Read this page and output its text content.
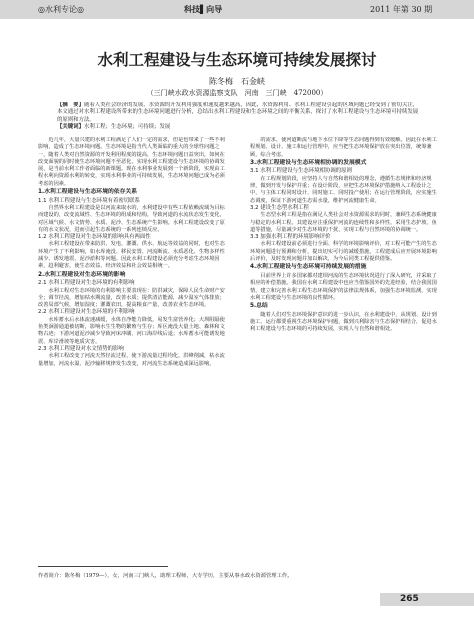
◎水利专论◎	科技▌向导	2011 年第 30 期
水利工程建设与生态环境可持续发展探讨
陈冬梅　石金峡
（三门峡水政水资源监察支队　河南　三门峡　472000）
【摘　要】随着人类社会经济的发展，水资源的开发利用强度和速度越来越高，因此，水资源利用、水利工程建设引起的区域问题已经受到了密切关注，本文通过对水利工程建设所带来的生态环境问题进行分析，总结出水利工程建设和生态环境之间的平衡关系，探讨了水利工程建设与生态环境可持续发展的原则和方法。
【关键词】水利工程；生态环境；可持续；发展

近几年，大量兴建的水利工程满足了人们一定的需求，但是也带来了一些不利影响，造成了生态环境问题。生态环境是指当代人类面临的重大的全球性问题之一，随着人类对自然资源的开发利用程度的提高，生态环境问题日益突出，如何在改变面貌的同时使生态环境问题不至恶化，实现水利工程建设与生态环境的协调发展，是当前水利工作者面临的新课题。现在水利事业发展到一个新阶段，实现由工程水利向资源水利的转变，实现水利事业的可持续发展，生态环境问题已成为必须考虑的因素。

1.水利工程建设与生态环境的依存关系
1.1 水利工程建设与生态环境有着密切联系

自然界水利工程建设是以河流来取水的，水利建设中有些工程依赖流域为目标而建设的，改变流域性、生态环境的组成和结构，导致河道的水流状态发生变化，对区域气候、水文情势、水质、泥沙、生态系统产生影响。水利工程建设改变了原有的水文状况，进而引起生态系统的一系列连锁反应。

1.2 水利工程建设对生态环境的影响具有两面性

水利工程建设在带来防洪、发电、灌溉、供水、航运等效益的同时，也对生态环境产生了不利影响，如水库淹没、移民安置、河流断流、水质恶化、生物多样性减少、诱发地震、泥沙淤积等问题。因此水利工程建设必须充分考虑生态环境因素，趋利避害，使生态效益、经济效益和社会效益相统一。

2.水利工程建设对生态环境的影响
2.1 水利工程建设对生态环境的有利影响

水利工程对生态环境的有利影响主要表现在：防洪减灾，保障人民生命财产安全；调节径流，增加枯水期流量，改善水质；提供清洁能源，减少温室气体排放；改善局部气候，增加湿度；灌溉农田，提高粮食产量，改善农业生态环境。

2.2 水利工程建设对生态环境的不利影响

水库蓄水后水体流速减缓，水体自净能力降低，易发生富营养化；大坝阻隔使鱼类洄游通道被切断，影响水生生物的繁殖与生存；库区淹没大量土地、森林和文物古迹；下游河道泥沙减少导致河床冲刷、河口海岸线后退；水库蓄水可能诱发地震、库岸滑坡等地质灾害。

2.3 水利工程建设对水文情势的影响

水利工程改变了河流天然径流过程，使下游流量过程均化，洪峰削减，枯水流量增加，河流水温、泥沙输移规律发生改变，对河流生态系统造成深远影响。

的需求，使河道断流与地下水位下降等生态问题得到有效缓解。因此在水利工程规划、设计、施工和运行管理中，应当把生态环境保护放在突出位置，统筹兼顾，综合考虑。

3.水利工程建设与生态环境相协调的发展模式
3.1 水利工程建设与生态环境相协调的原则

在工程规划阶段，应坚持人与自然和谐相处的理念，遵循生态规律和经济规律，做到开发与保护并重；在设计阶段，应把生态环境保护措施纳入工程设计之中，与主体工程同时设计、同时施工、同时投产使用；在运行管理阶段，应实施生态调度，保证下游河道生态需水量，维护河流健康生命。

3.2 建设生态型水利工程

生态型水利工程是指在满足人类社会对水资源需求的同时，兼顾生态系统健康与稳定的水利工程。其建设应注重保护河流的连续性和多样性，采用生态护坡、鱼道等措施，尽量减少对生态环境的干扰，实现工程与自然环境的协调统一。

3.3 加强水利工程的环境影响评价

水利工程建设前必须进行全面、科学的环境影响评价，对工程可能产生的生态环境问题进行预测和分析，提出切实可行的减缓措施。工程建成后应开展环境影响后评价，及时发现问题并加以解决，为今后同类工程提供借鉴。

4.水利工程建设与生态环境可持续发展的措施

目前世界上许多国家都对建坝河流的生态环境状况进行了深入研究，并采取了相应的补偿措施。我国在水利工程建设中也应当借鉴国外的先进经验，结合我国国情，建立和完善水利工程生态环境保护的法律法规体系，加强生态环境监测，实现水利工程建设与生态环境的良性循环。

5.总结

随着人们对生态环境保护意识的进一步认识，在水利建设中，从规划、设计到施工、运行都要重视生态环境保护问题，做到兴利除害与生态保护相结合，促进水利工程建设与生态环境的可持续发展，实现人与自然和谐相处。

作者简介：陈冬梅（1979—），女，河南三门峡人，助理工程师，大专学历，主要从事水政水资源管理工作。
265
